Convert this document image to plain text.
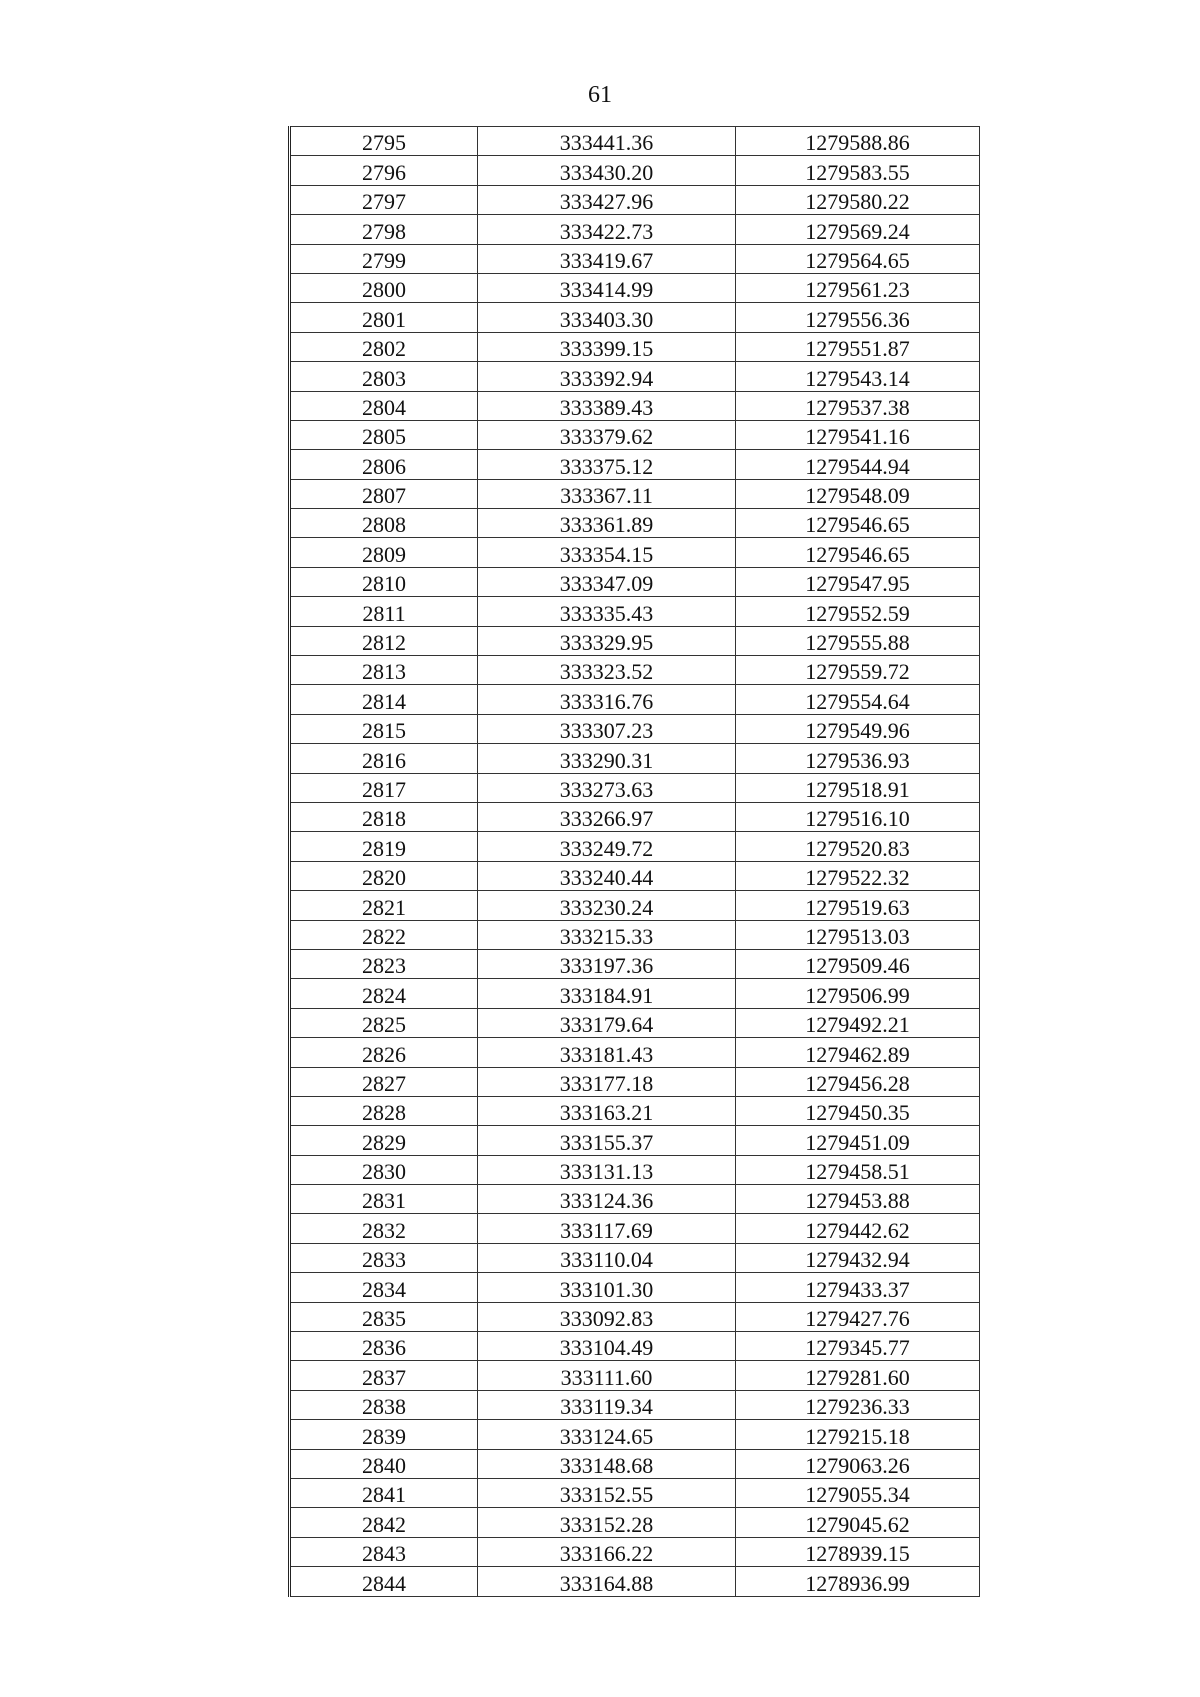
61
2795	333441.36	1279588.86
2796	333430.20	1279583.55
2797	333427.96	1279580.22
2798	333422.73	1279569.24
2799	333419.67	1279564.65
2800	333414.99	1279561.23
2801	333403.30	1279556.36
2802	333399.15	1279551.87
2803	333392.94	1279543.14
2804	333389.43	1279537.38
2805	333379.62	1279541.16
2806	333375.12	1279544.94
2807	333367.11	1279548.09
2808	333361.89	1279546.65
2809	333354.15	1279546.65
2810	333347.09	1279547.95
2811	333335.43	1279552.59
2812	333329.95	1279555.88
2813	333323.52	1279559.72
2814	333316.76	1279554.64
2815	333307.23	1279549.96
2816	333290.31	1279536.93
2817	333273.63	1279518.91
2818	333266.97	1279516.10
2819	333249.72	1279520.83
2820	333240.44	1279522.32
2821	333230.24	1279519.63
2822	333215.33	1279513.03
2823	333197.36	1279509.46
2824	333184.91	1279506.99
2825	333179.64	1279492.21
2826	333181.43	1279462.89
2827	333177.18	1279456.28
2828	333163.21	1279450.35
2829	333155.37	1279451.09
2830	333131.13	1279458.51
2831	333124.36	1279453.88
2832	333117.69	1279442.62
2833	333110.04	1279432.94
2834	333101.30	1279433.37
2835	333092.83	1279427.76
2836	333104.49	1279345.77
2837	333111.60	1279281.60
2838	333119.34	1279236.33
2839	333124.65	1279215.18
2840	333148.68	1279063.26
2841	333152.55	1279055.34
2842	333152.28	1279045.62
2843	333166.22	1278939.15
2844	333164.88	1278936.99
